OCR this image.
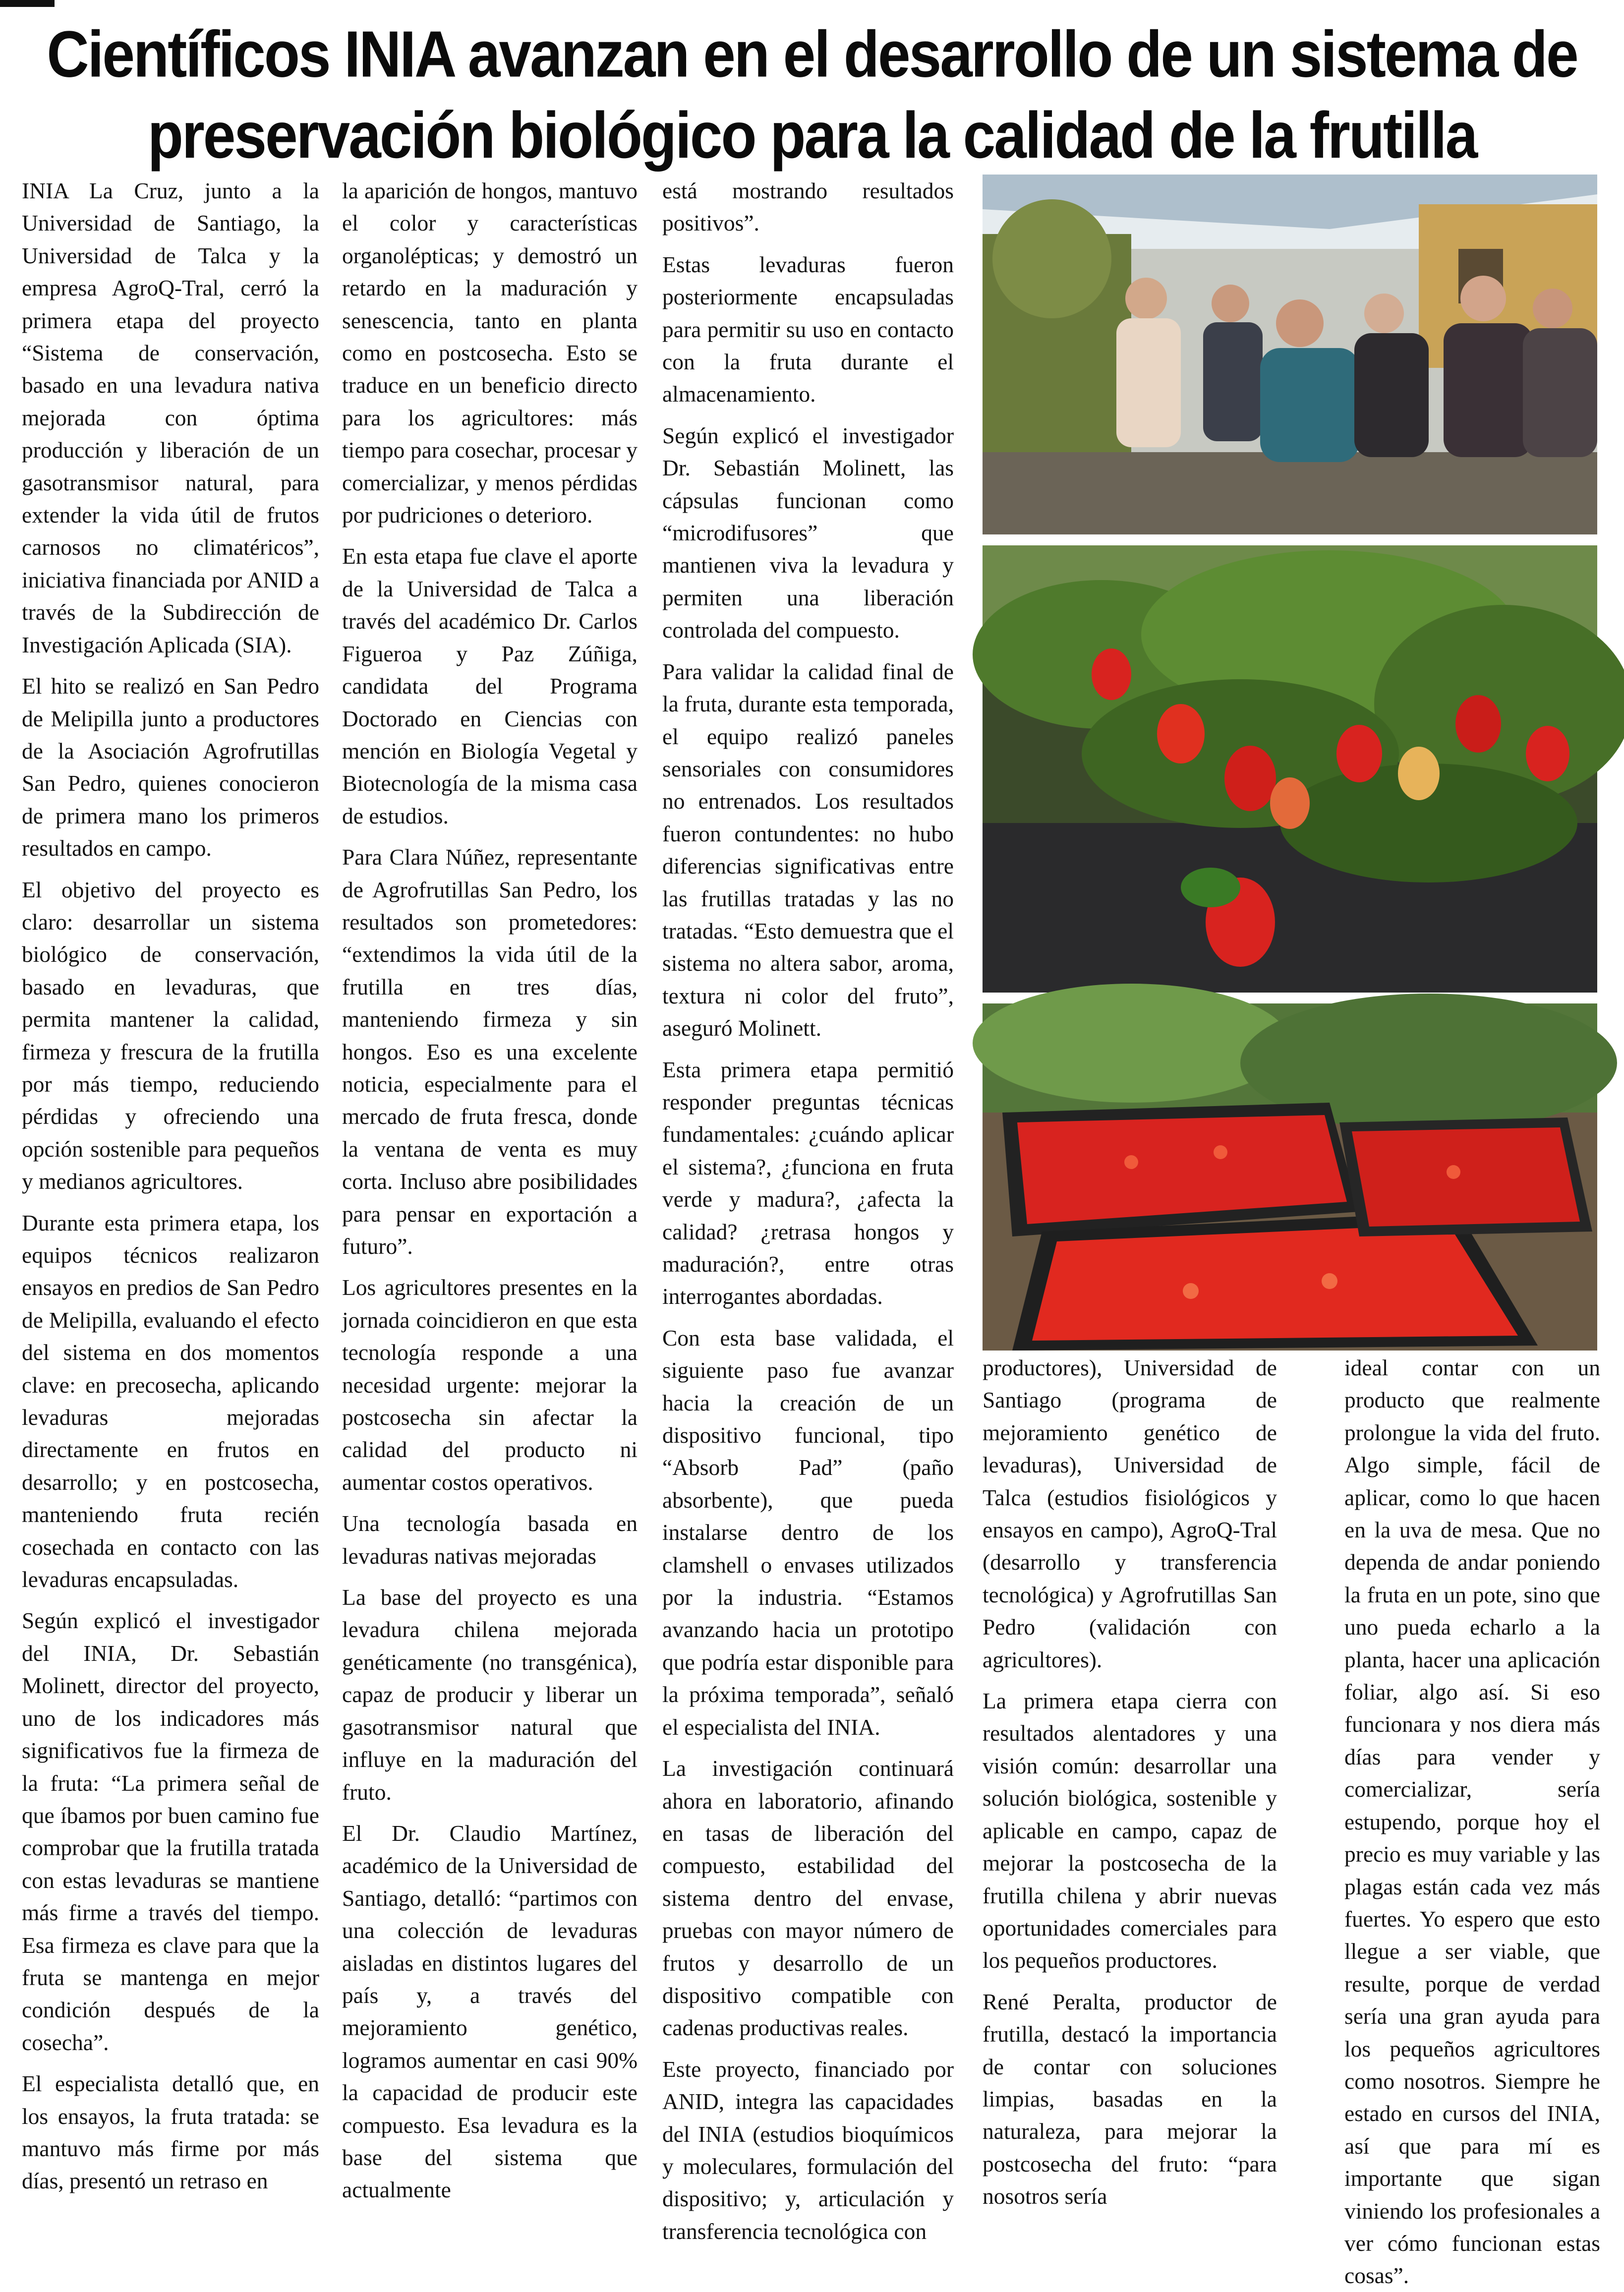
Científicos INIA avanzan en el desarrollo de un sistema de
preservación biológico para la calidad de la frutilla

INIA La Cruz, junto a la Universidad de Santiago, la Universidad de Talca y la empresa AgroQ-Tral, cerró la primera etapa del proyecto “Sistema de conservación, basado en una levadura nativa mejorada con óptima producción y liberación de un gasotransmisor natural, para extender la vida útil de frutos carnosos no climatéricos”, iniciativa financiada por ANID a través de la Subdirección de Investigación Aplicada (SIA).

El hito se realizó en San Pedro de Melipilla junto a productores de la Asociación Agrofrutillas San Pedro, quienes conocieron de primera mano los primeros resultados en campo.

El objetivo del proyecto es claro: desarrollar un sistema biológico de conservación, basado en levaduras, que permita mantener la calidad, firmeza y frescura de la frutilla por más tiempo, reduciendo pérdidas y ofreciendo una opción sostenible para pequeños y medianos agricultores.

Durante esta primera etapa, los equipos técnicos realizaron ensayos en predios de San Pedro de Melipilla, evaluando el efecto del sistema en dos momentos clave: en precosecha, aplicando levaduras mejoradas directamente en frutos en desarrollo; y en postcosecha, manteniendo fruta recién cosechada en contacto con las levaduras encapsuladas.

Según explicó el investigador del INIA, Dr. Sebastián Molinett, director del proyecto, uno de los indicadores más significativos fue la firmeza de la fruta: “La primera señal de que íbamos por buen camino fue comprobar que la frutilla tratada con estas levaduras se mantiene más firme a través del tiempo. Esa firmeza es clave para que la fruta se mantenga en mejor condición después de la cosecha”.

El especialista detalló que, en los ensayos, la fruta tratada: se mantuvo más firme por más días, presentó un retraso en

la aparición de hongos, mantuvo el color y características organolépticas; y demostró un retardo en la maduración y senescencia, tanto en planta como en postcosecha. Esto se traduce en un beneficio directo para los agricultores: más tiempo para cosechar, procesar y comercializar, y menos pérdidas por pudriciones o deterioro.

En esta etapa fue clave el aporte de la Universidad de Talca a través del académico Dr. Carlos Figueroa y Paz Zúñiga, candidata del Programa Doctorado en Ciencias con mención en Biología Vegetal y Biotecnología de la misma casa de estudios.

Para Clara Núñez, representante de Agrofrutillas San Pedro, los resultados son prometedores: “extendimos la vida útil de la frutilla en tres días, manteniendo firmeza y sin hongos. Eso es una excelente noticia, especialmente para el mercado de fruta fresca, donde la ventana de venta es muy corta. Incluso abre posibilidades para pensar en exportación a futuro”.

Los agricultores presentes en la jornada coincidieron en que esta tecnología responde a una necesidad urgente: mejorar la postcosecha sin afectar la calidad del producto ni aumentar costos operativos.

Una tecnología basada en levaduras nativas mejoradas

La base del proyecto es una levadura chilena mejorada genéticamente (no transgénica), capaz de producir y liberar un gasotransmisor natural que influye en la maduración del fruto.

El Dr. Claudio Martínez, académico de la Universidad de Santiago, detalló: “partimos con una colección de levaduras aisladas en distintos lugares del país y, a través del mejoramiento genético, logramos aumentar en casi 90% la capacidad de producir este compuesto. Esa levadura es la base del sistema que actualmente

está mostrando resultados positivos”.

Estas levaduras fueron posteriormente encapsuladas para permitir su uso en contacto con la fruta durante el almacenamiento.

Según explicó el investigador Dr. Sebastián Molinett, las cápsulas funcionan como “microdifusores” que mantienen viva la levadura y permiten una liberación controlada del compuesto.

Para validar la calidad final de la fruta, durante esta temporada, el equipo realizó paneles sensoriales con consumidores no entrenados. Los resultados fueron contundentes: no hubo diferencias significativas entre las frutillas tratadas y las no tratadas. “Esto demuestra que el sistema no altera sabor, aroma, textura ni color del fruto”, aseguró Molinett.

Esta primera etapa permitió responder preguntas técnicas fundamentales: ¿cuándo aplicar el sistema?, ¿funciona en fruta verde y madura?, ¿afecta la calidad? ¿retrasa hongos y maduración?, entre otras interrogantes abordadas.

Con esta base validada, el siguiente paso fue avanzar hacia la creación de un dispositivo funcional, tipo “Absorb Pad” (paño absorbente), que pueda instalarse dentro de los clamshell o envases utilizados por la industria. “Estamos avanzando hacia un prototipo que podría estar disponible para la próxima temporada”, señaló el especialista del INIA.

La investigación continuará ahora en laboratorio, afinando en tasas de liberación del compuesto, estabilidad del sistema dentro del envase, pruebas con mayor número de frutos y desarrollo de un dispositivo compatible con cadenas productivas reales.

Este proyecto, financiado por ANID, integra las capacidades del INIA (estudios bioquímicos y moleculares, formulación del dispositivo; y, articulación y transferencia tecnológica con

productores), Universidad de Santiago (programa de mejoramiento genético de levaduras), Universidad de Talca (estudios fisiológicos y ensayos en campo), AgroQ-Tral (desarrollo y transferencia tecnológica) y Agrofrutillas San Pedro (validación con agricultores).

La primera etapa cierra con resultados alentadores y una visión común: desarrollar una solución biológica, sostenible y aplicable en campo, capaz de mejorar la postcosecha de la frutilla chilena y abrir nuevas oportunidades comerciales para los pequeños productores.

René Peralta, productor de frutilla, destacó la importancia de contar con soluciones limpias, basadas en la naturaleza, para mejorar la postcosecha del fruto: “para nosotros sería

ideal contar con un producto que realmente prolongue la vida del fruto. Algo simple, fácil de aplicar, como lo que hacen en la uva de mesa. Que no dependa de andar poniendo la fruta en un pote, sino que uno pueda echarlo a la planta, hacer una aplicación foliar, algo así. Si eso funcionara y nos diera más días para vender y comercializar, sería estupendo, porque hoy el precio es muy variable y las plagas están cada vez más fuertes. Yo espero que esto llegue a ser viable, que resulte, porque de verdad sería una gran ayuda para los pequeños agricultores como nosotros. Siempre he estado en cursos del INIA, así que para mí es importante que sigan viniendo los profesionales a ver cómo funcionan estas cosas”.
